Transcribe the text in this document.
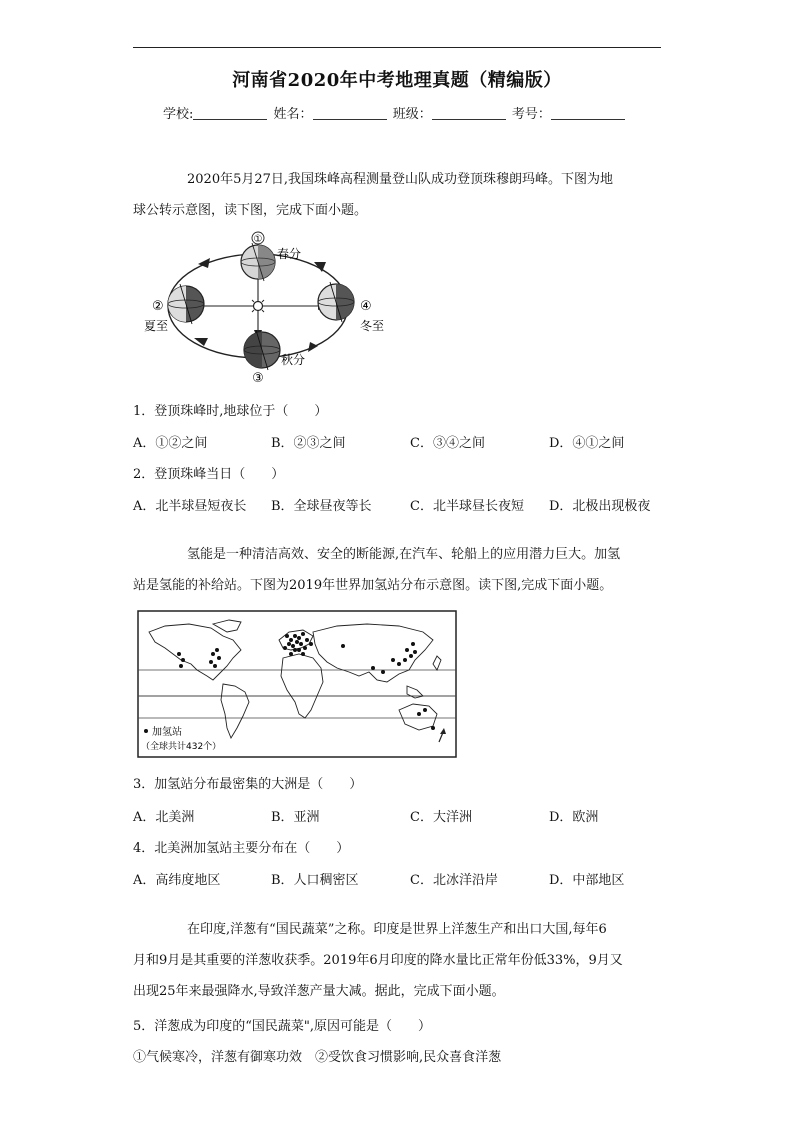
河南省2020年中考地理真题（精编版）
学校:	姓名：	班级：	考号：
2020年5月27日,我国珠峰高程测量登山队成功登顶珠穆朗玛峰。下图为地
球公转示意图，读下图，完成下面小题。
①
春分
②
夏至
④
冬至
秋分
③
1．登顶珠峰时,地球位于（　　）
A．①②之间	B．②③之间	C．③④之间	D．④①之间
2．登顶珠峰当日（　　）
A．北半球昼短夜长 B．全球昼夜等长	C．北半球昼长夜短 D．北极出现极夜
氢能是一种清洁高效、安全的断能源,在汽车、轮船上的应用潜力巨大。加氢
站是氢能的补给站。下图为2019年世界加氢站分布示意图。读下图,完成下面小题。
加氢站
（全球共计432个）
3．加氢站分布最密集的大洲是（　　）
A．北美洲	B．亚洲	C．大洋洲	D．欧洲
4．北美洲加氢站主要分布在（　　）
A．高纬度地区	B．人口稠密区	C．北冰洋沿岸	D．中部地区
在印度,洋葱有“国民蔬菜”之称。印度是世界上洋葱生产和出口大国,每年6
月和9月是其重要的洋葱收获季。2019年6月印度的降水量比正常年份低33%，9月又
出现25年来最强降水,导致洋葱产量大减。据此，完成下面小题。
5．洋葱成为印度的“国民蔬菜",原因可能是（　　）
①气候寒冷，洋葱有御寒功效　②受饮食习惯影响,民众喜食洋葱
